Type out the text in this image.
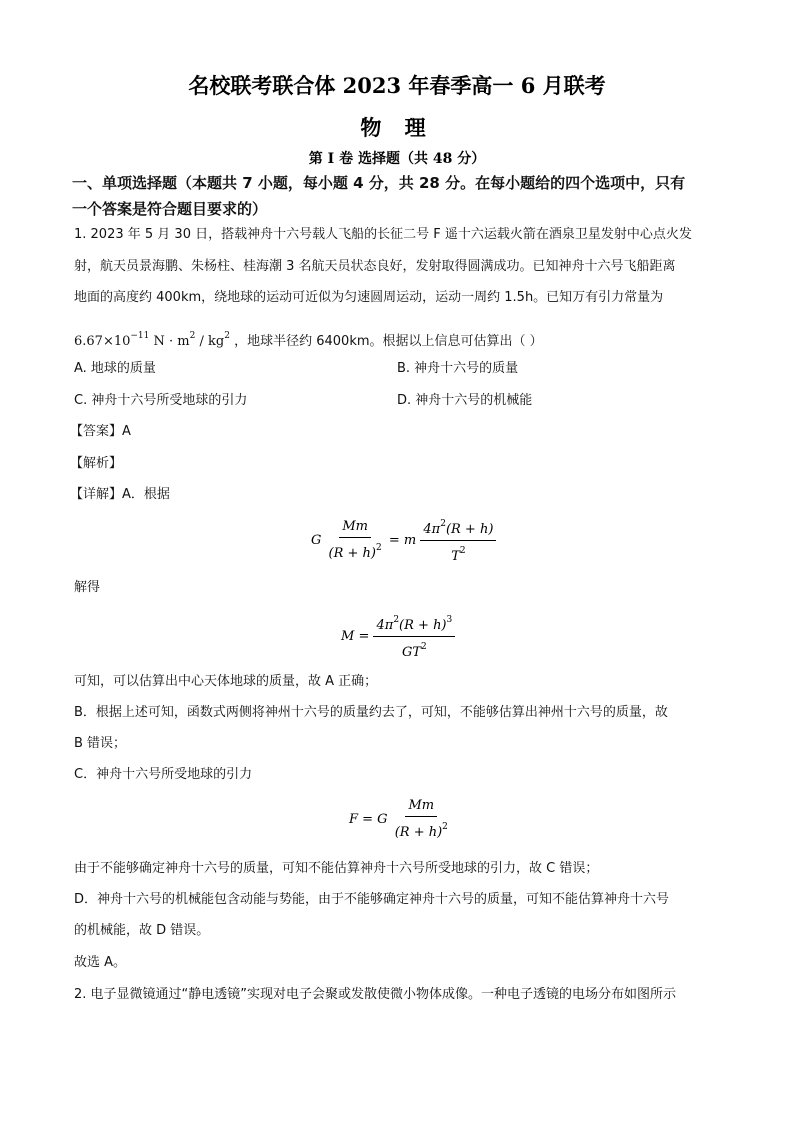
名校联考联合体 2023 年春季高一 6 月联考
物 理
第 I 卷 选择题（共 48 分）
一、单项选择题（本题共 7 小题，每小题 4 分，共 28 分。在每小题给的四个选项中，只有
一个答案是符合题目要求的）
1. 2023 年 5 月 30 日，搭载神舟十六号载人飞船的长征二号 F 遥十六运载火箭在酒泉卫星发射中心点火发
射，航天员景海鹏、朱杨柱、桂海潮 3 名航天员状态良好，发射取得圆满成功。已知神舟十六号飞船距离
地面的高度约 400km，绕地球的运动可近似为匀速圆周运动，运动一周约 1.5h。已知万有引力常量为
$6.67\times 10^{-11}$ $N \cdot m^2 / kg^2$ ，地球半径约 6400km。根据以上信息可估算出（ ）
A. 地球的质量	B. 神舟十六号的质量
C. 神舟十六号所受地球的引力	D. 神舟十六号的机械能
【答案】A
【解析】
【详解】A．根据
G $\frac{Mm}{(R + h)^2} = m \frac{4\pi^2(R + h)}{T^2}$
解得
$M = \frac{4\pi^2(R + h)^3}{GT^2}$
可知，可以估算出中心天体地球的质量，故 A 正确；
B．根据上述可知，函数式两侧将神州十六号的质量约去了，可知，不能够估算出神州十六号的质量，故
B 错误；
C．神舟十六号所受地球的引力
F = G $\frac{Mm}{(R + h)^2}$
由于不能够确定神舟十六号的质量，可知不能估算神舟十六号所受地球的引力，故 C 错误；
D．神舟十六号的机械能包含动能与势能，由于不能够确定神舟十六号的质量，可知不能估算神舟十六号
的机械能，故 D 错误。
故选 A。
2. 电子显微镜通过“静电透镜”实现对电子会聚或发散使微小物体成像。一种电子透镜的电场分布如图所示
